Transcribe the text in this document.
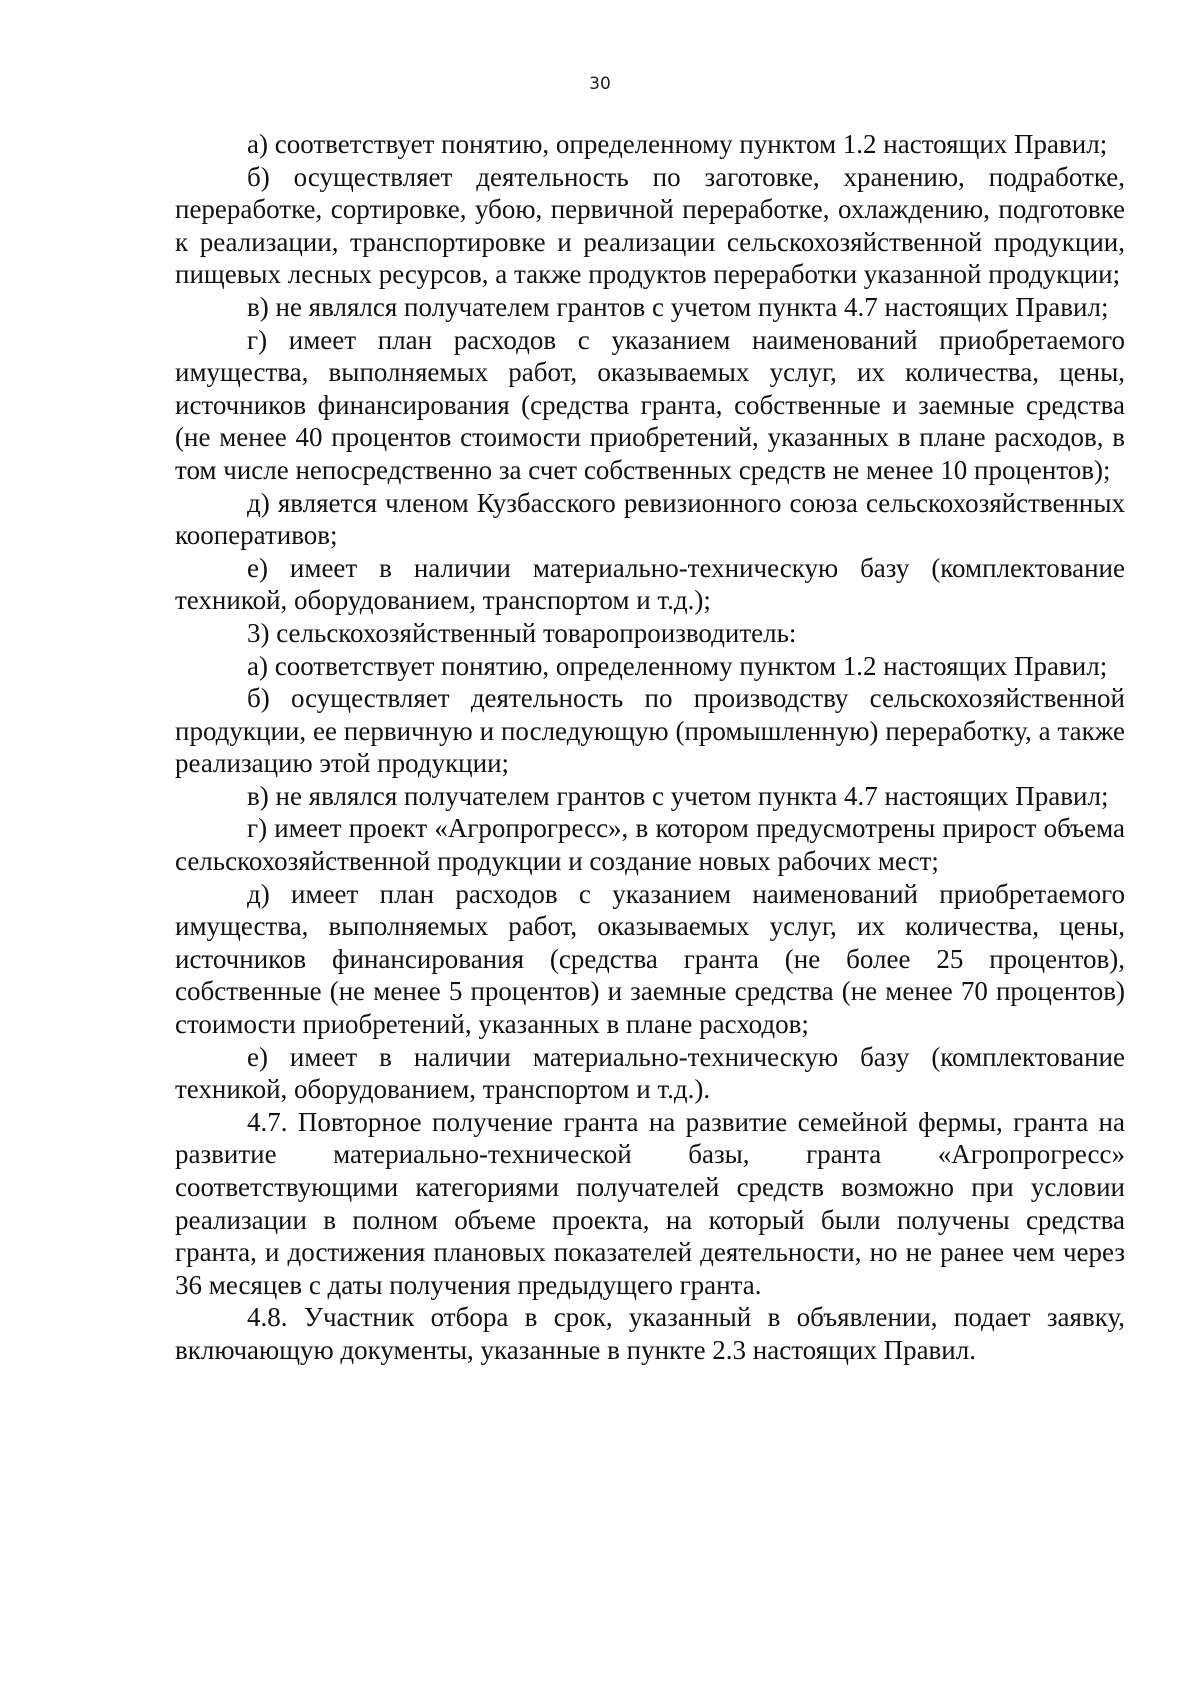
30

а) соответствует понятию, определенному пунктом 1.2 настоящих Правил;

б) осуществляет деятельность по заготовке, хранению, подработке, переработке, сортировке, убою, первичной переработке, охлаждению, подготовке к реализации, транспортировке и реализации сельскохозяйственной продукции, пищевых лесных ресурсов, а также продуктов переработки указанной продукции;

в) не являлся получателем грантов с учетом пункта 4.7 настоящих Правил;

г) имеет план расходов с указанием наименований приобретаемого имущества, выполняемых работ, оказываемых услуг, их количества, цены, источников финансирования (средства гранта, собственные и заемные средства (не менее 40 процентов стоимости приобретений, указанных в плане расходов, в том числе непосредственно за счет собственных средств не менее 10 процентов);

д) является членом Кузбасского ревизионного союза сельскохозяйственных кооперативов;

е) имеет в наличии материально-техническую базу (комплектование техникой, оборудованием, транспортом и т.д.);

3) сельскохозяйственный товаропроизводитель:

а) соответствует понятию, определенному пунктом 1.2 настоящих Правил;

б) осуществляет деятельность по производству сельскохозяйственной продукции, ее первичную и последующую (промышленную) переработку, а также реализацию этой продукции;

в) не являлся получателем грантов с учетом пункта 4.7 настоящих Правил;

г) имеет проект «Агропрогресс», в котором предусмотрены прирост объема сельскохозяйственной продукции и создание новых рабочих мест;

д) имеет план расходов с указанием наименований приобретаемого имущества, выполняемых работ, оказываемых услуг, их количества, цены, источников финансирования (средства гранта (не более 25 процентов), собственные (не менее 5 процентов) и заемные средства (не менее 70 процентов) стоимости приобретений, указанных в плане расходов;

е) имеет в наличии материально-техническую базу (комплектование техникой, оборудованием, транспортом и т.д.).

4.7. Повторное получение гранта на развитие семейной фермы, гранта на развитие материально-технической базы, гранта «Агропрогресс» соответствующими категориями получателей средств возможно при условии реализации в полном объеме проекта, на который были получены средства гранта, и достижения плановых показателей деятельности, но не ранее чем через 36 месяцев с даты получения предыдущего гранта.

4.8. Участник отбора в срок, указанный в объявлении, подает заявку, включающую документы, указанные в пункте 2.3 настоящих Правил.
